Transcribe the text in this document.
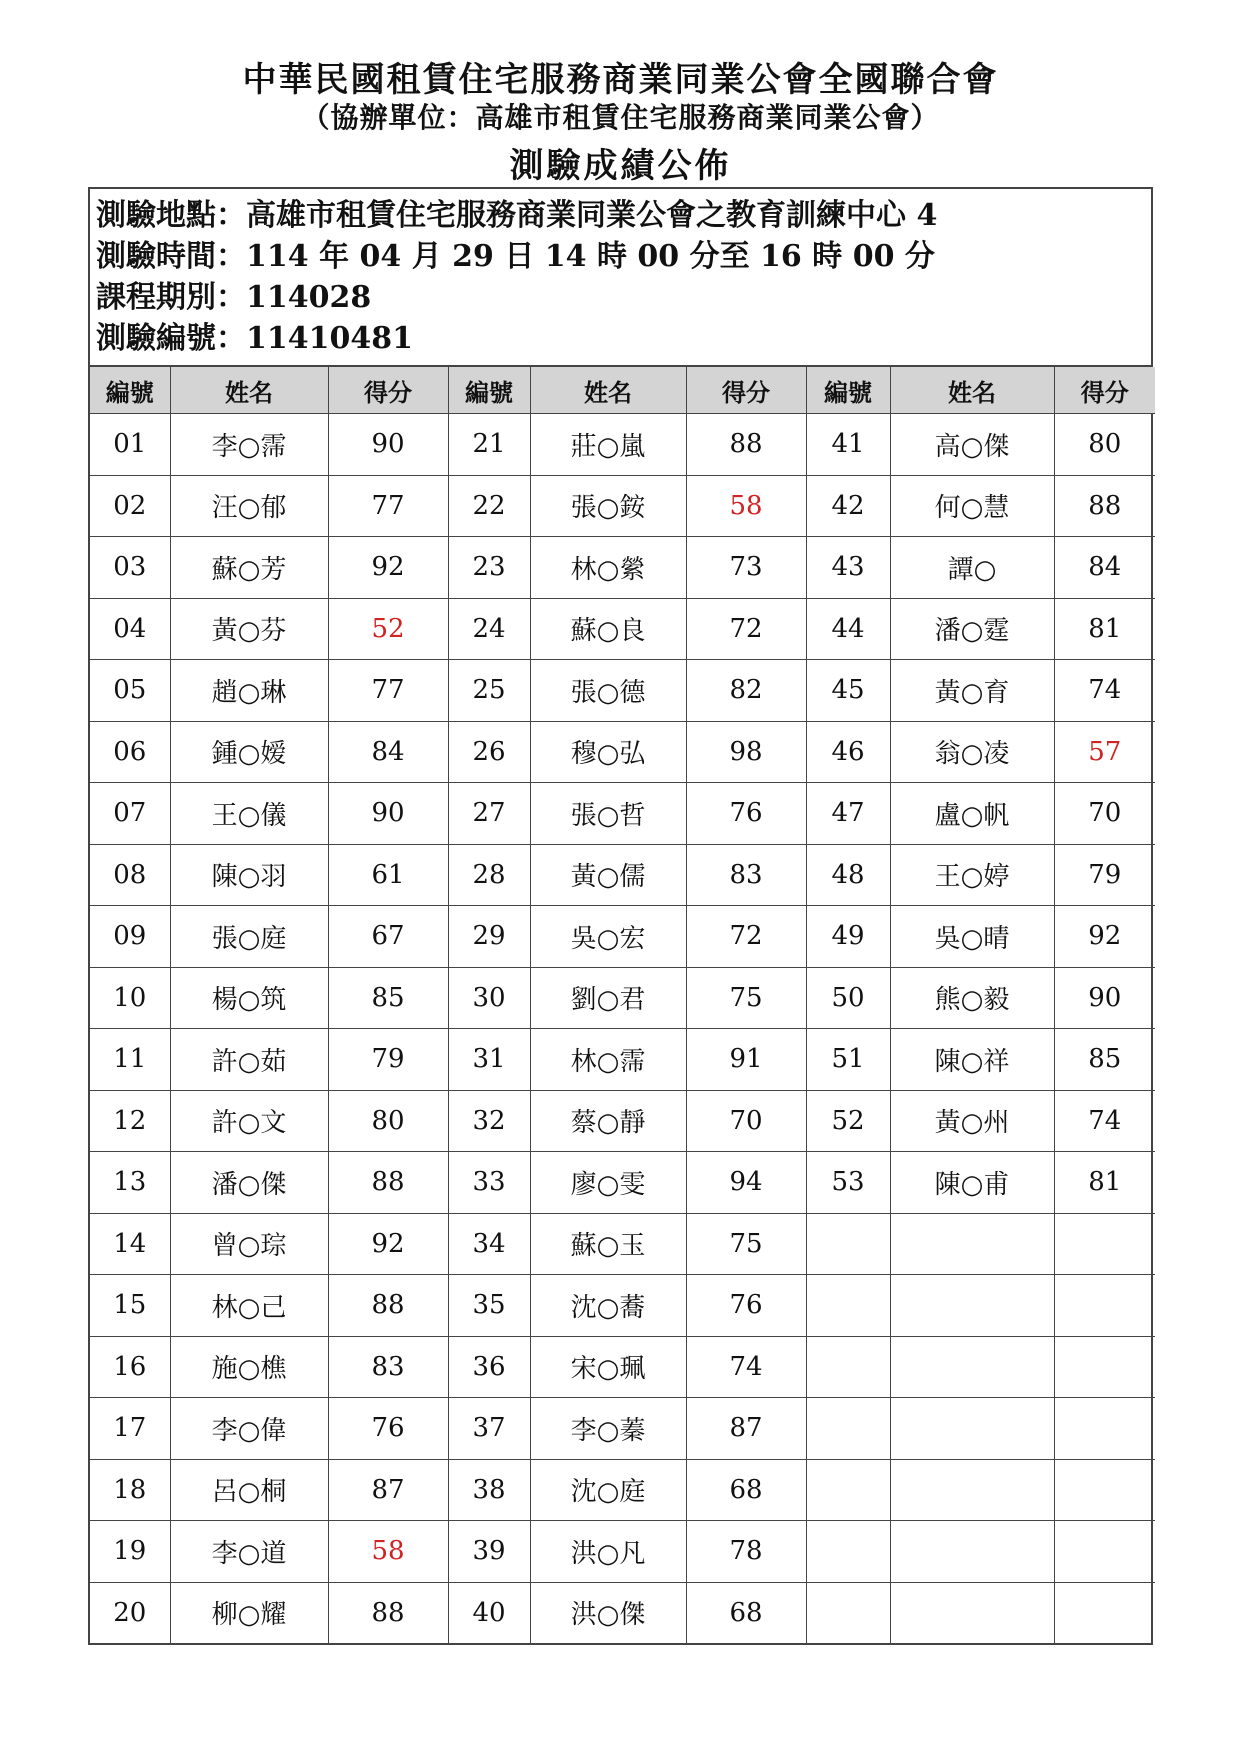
中華民國租賃住宅服務商業同業公會全國聯合會
（協辦單位：高雄市租賃住宅服務商業同業公會）
測驗成績公佈
測驗地點：高雄市租賃住宅服務商業同業公會之教育訓練中心 4
測驗時間：114 年 04 月 29 日 14 時 00 分至 16 時 00 分
課程期別：114028
測驗編號：11410481
編號	姓名	得分	編號	姓名	得分	編號	姓名	得分
01	李○霈	90	21	莊○嵐	88	41	高○傑	80
02	汪○郁	77	22	張○銨	58	42	何○慧	88
03	蘇○芳	92	23	林○縈	73	43	譚○	84
04	黃○芬	52	24	蘇○良	72	44	潘○霆	81
05	趙○琳	77	25	張○德	82	45	黃○育	74
06	鍾○嫒	84	26	穆○弘	98	46	翁○凌	57
07	王○儀	90	27	張○哲	76	47	盧○帆	70
08	陳○羽	61	28	黃○儒	83	48	王○婷	79
09	張○庭	67	29	吳○宏	72	49	吳○晴	92
10	楊○筑	85	30	劉○君	75	50	熊○毅	90
11	許○茹	79	31	林○霈	91	51	陳○祥	85
12	許○文	80	32	蔡○靜	70	52	黃○州	74
13	潘○傑	88	33	廖○雯	94	53	陳○甫	81
14	曾○琮	92	34	蘇○玉	75			
15	林○己	88	35	沈○蕎	76			
16	施○樵	83	36	宋○珮	74			
17	李○偉	76	37	李○蓁	87			
18	呂○桐	87	38	沈○庭	68			
19	李○道	58	39	洪○凡	78			
20	柳○耀	88	40	洪○傑	68			
